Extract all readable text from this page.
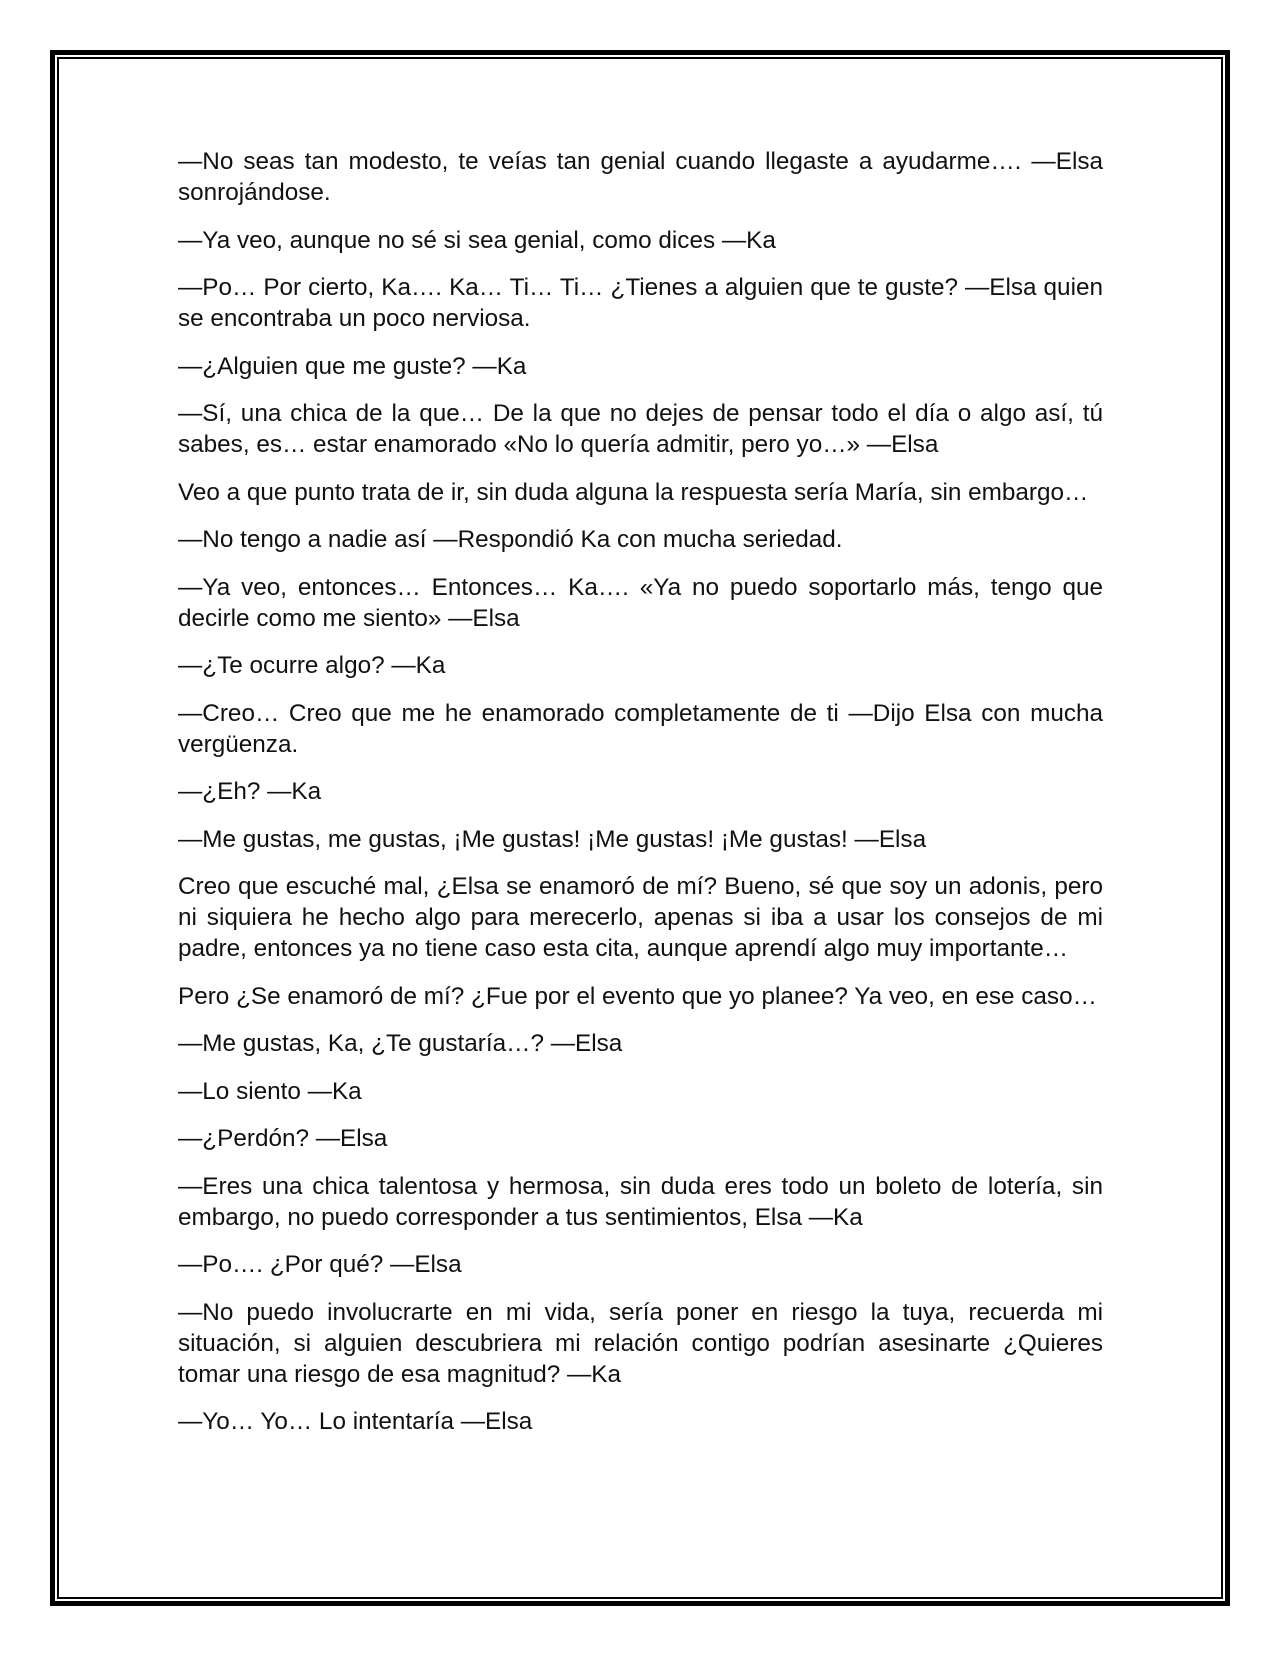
—No seas tan modesto, te veías tan genial cuando llegaste a ayudarme…. —Elsa sonrojándose.

—Ya veo, aunque no sé si sea genial, como dices —Ka

—Po… Por cierto, Ka…. Ka… Ti… Ti… ¿Tienes a alguien que te guste? —Elsa quien se encontraba un poco nerviosa.

—¿Alguien que me guste? —Ka

—Sí, una chica de la que… De la que no dejes de pensar todo el día o algo así, tú sabes, es… estar enamorado «No lo quería admitir, pero yo…» —Elsa

Veo a que punto trata de ir, sin duda alguna la respuesta sería María, sin embargo…

—No tengo a nadie así —Respondió Ka con mucha seriedad.

—Ya veo, entonces… Entonces… Ka…. «Ya no puedo soportarlo más, tengo que decirle como me siento» —Elsa

—¿Te ocurre algo? —Ka

—Creo… Creo que me he enamorado completamente de ti —Dijo Elsa con mucha vergüenza.

—¿Eh? —Ka

—Me gustas, me gustas, ¡Me gustas! ¡Me gustas! ¡Me gustas! —Elsa

Creo que escuché mal, ¿Elsa se enamoró de mí? Bueno, sé que soy un adonis, pero ni siquiera he hecho algo para merecerlo, apenas si iba a usar los consejos de mi padre, entonces ya no tiene caso esta cita, aunque aprendí algo muy importante…

Pero ¿Se enamoró de mí? ¿Fue por el evento que yo planee? Ya veo, en ese caso…

—Me gustas, Ka, ¿Te gustaría…? —Elsa

—Lo siento —Ka

—¿Perdón? —Elsa

—Eres una chica talentosa y hermosa, sin duda eres todo un boleto de lotería, sin embargo, no puedo corresponder a tus sentimientos, Elsa —Ka

—Po…. ¿Por qué? —Elsa

—No puedo involucrarte en mi vida, sería poner en riesgo la tuya, recuerda mi situación, si alguien descubriera mi relación contigo podrían asesinarte ¿Quieres tomar una riesgo de esa magnitud? —Ka

—Yo… Yo… Lo intentaría —Elsa
